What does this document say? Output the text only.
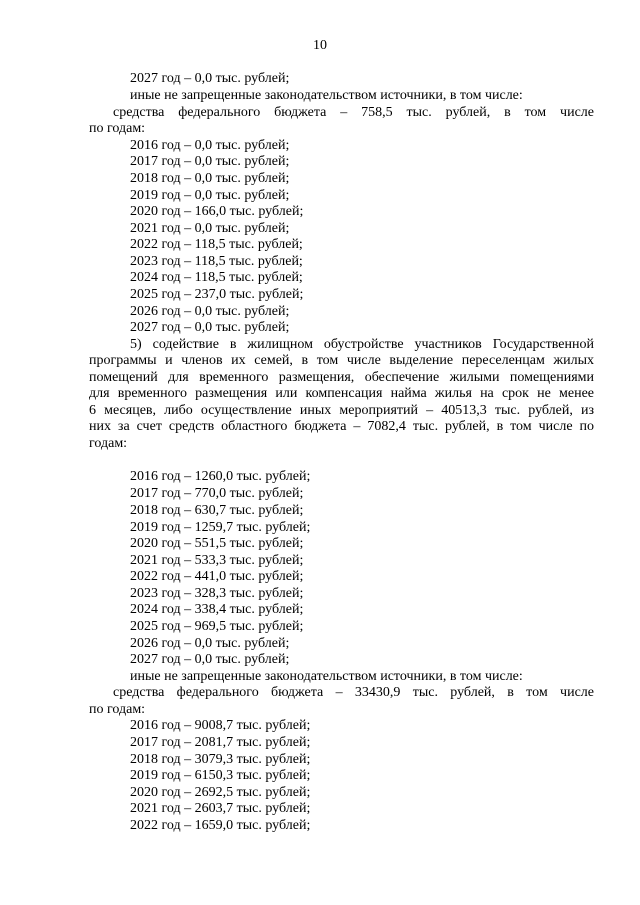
10
2027 год – 0,0 тыс. рублей;
иные не запрещенные законодательством источники, в том числе:
средства федерального бюджета – 758,5 тыс. рублей, в том числе
по годам:
2016 год – 0,0 тыс. рублей;
2017 год – 0,0 тыс. рублей;
2018 год – 0,0 тыс. рублей;
2019 год – 0,0 тыс. рублей;
2020 год – 166,0 тыс. рублей;
2021 год – 0,0 тыс. рублей;
2022 год – 118,5 тыс. рублей;
2023 год – 118,5 тыс. рублей;
2024 год – 118,5 тыс. рублей;
2025 год – 237,0 тыс. рублей;
2026 год – 0,0 тыс. рублей;
2027 год – 0,0 тыс. рублей;
5) содействие в жилищном обустройстве участников Государственной
программы и членов их семей, в том числе выделение переселенцам жилых
помещений для временного размещения, обеспечение жилыми помещениями
для временного размещения или компенсация найма жилья на срок не менее
6 месяцев, либо осуществление иных мероприятий – 40513,3 тыс. рублей, из
них за счет средств областного бюджета – 7082,4 тыс. рублей, в том числе по
годам:
2016 год – 1260,0 тыс. рублей;
2017 год – 770,0 тыс. рублей;
2018 год – 630,7 тыс. рублей;
2019 год – 1259,7 тыс. рублей;
2020 год – 551,5 тыс. рублей;
2021 год – 533,3 тыс. рублей;
2022 год – 441,0 тыс. рублей;
2023 год – 328,3 тыс. рублей;
2024 год – 338,4 тыс. рублей;
2025 год – 969,5 тыс. рублей;
2026 год – 0,0 тыс. рублей;
2027 год – 0,0 тыс. рублей;
иные не запрещенные законодательством источники, в том числе:
средства федерального бюджета – 33430,9 тыс. рублей, в том числе
по годам:
2016 год – 9008,7 тыс. рублей;
2017 год – 2081,7 тыс. рублей;
2018 год – 3079,3 тыс. рублей;
2019 год – 6150,3 тыс. рублей;
2020 год – 2692,5 тыс. рублей;
2021 год – 2603,7 тыс. рублей;
2022 год – 1659,0 тыс. рублей;
